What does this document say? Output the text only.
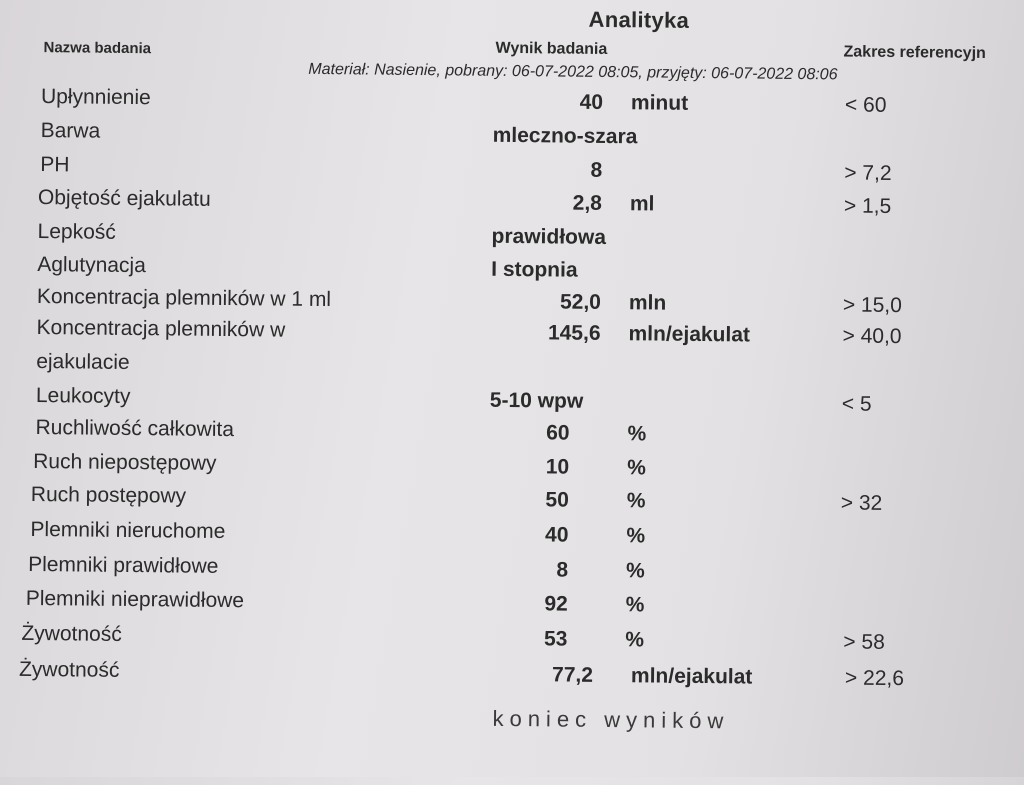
Analityka
Nazwa badania	Wynik badania	Zakres referencyjn
Materiał: Nasienie, pobrany: 06-07-2022 08:05, przyjęty: 06-07-2022 08:06
Upłynnienie	40 minut	< 60
Barwa	mleczno-szara
PH	8	> 7,2
Objętość ejakulatu	2,8 ml	> 1,5
Lepkość	prawidłowa
Aglutynacja	I stopnia
Koncentracja plemników w 1 ml	52,0 mln	> 15,0
Koncentracja plemników w	145,6 mln/ejakulat	> 40,0
ejakulacie
Leukocyty	5-10 wpw	< 5
Ruchliwość całkowita	60	%
Ruch niepostępowy	10	%
Ruch postępowy	50	%	> 32
Plemniki nieruchome	40	%
Plemniki prawidłowe	8	%
Plemniki nieprawidłowe	92	%
Żywotność	53	%	> 58
Żywotność	77,2 mln/ejakulat	> 22,6
koniec wyników
